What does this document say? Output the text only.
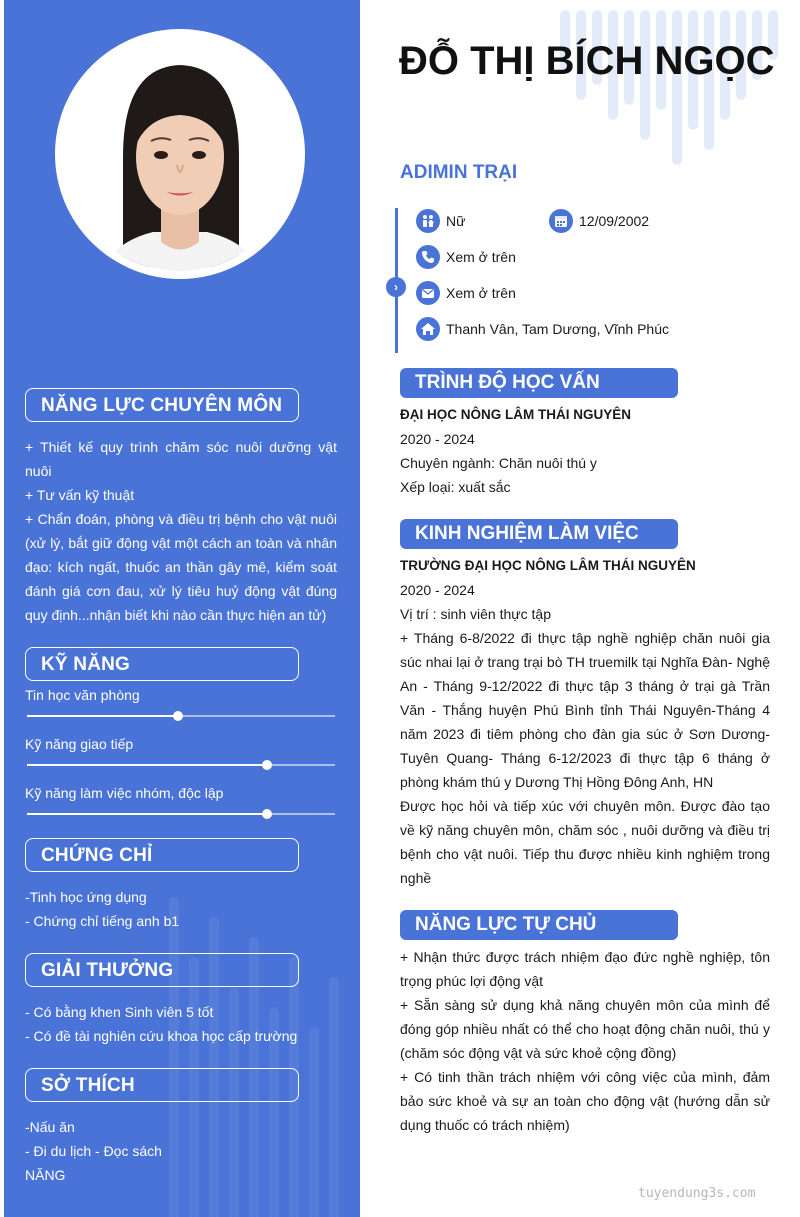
NĂNG LỰC CHUYÊN MÔN

+ Thiết kế quy trình chăm sóc nuôi dưỡng vật nuôi

+ Tư vấn kỹ thuật

+ Chẩn đoán, phòng và điều trị bệnh cho vật nuôi (xử lý, bắt giữ động vật một cách an toàn và nhân đạo: kích ngất, thuốc an thần gây mê, kiểm soát đánh giá cơn đau, xử lý tiêu huỷ động vật đúng quy định...nhận biết khi nào cần thực hiện an tử)

KỸ NĂNG
Tin học văn phòng
Kỹ năng giao tiếp
Kỹ năng làm việc nhóm, độc lập
CHỨNG CHỈ

-Tinh học ứng dụng

- Chứng chỉ tiếng anh b1

GIẢI THƯỞNG

- Có bằng khen Sinh viên 5 tốt

- Có đề tài nghiên cứu khoa học cấp trường

SỞ THÍCH

-Nấu ăn

- Đi du lịch - Đọc sách

NĂNG

ĐỖ THỊ BÍCH NGỌC
ADIMIN TRẠI
›
Nữ	12/09/2002
Xem ở trên
Xem ở trên
Thanh Vân, Tam Dương, Vĩnh Phúc
TRÌNH ĐỘ HỌC VẤN

ĐẠI HỌC NÔNG LÂM THÁI NGUYÊN

2020 - 2024

Chuyên ngành: Chăn nuôi thú y

Xếp loại: xuất sắc

KINH NGHIỆM LÀM VIỆC

TRƯỜNG ĐẠI HỌC NÔNG LÂM THÁI NGUYÊN

2020 - 2024

Vị trí : sinh viên thực tập

+ Tháng 6-8/2022 đi thực tập nghề nghiệp chăn nuôi gia súc nhai lại ở trang trại bò TH truemilk tại Nghĩa Đàn- Nghệ An - Tháng 9-12/2022 đi thực tập 3 tháng ở trại gà Trần Văn - Thắng huyện Phú Bình tỉnh Thái Nguyên-Tháng 4 năm 2023 đi tiêm phòng cho đàn gia súc ở Sơn Dương- Tuyên Quang- Tháng 6-12/2023 đi thực tập 6 tháng ở phòng khám thú y Dương Thị Hồng Đông Anh, HN

Được học hỏi và tiếp xúc với chuyên môn. Được đào tạo về kỹ năng chuyên môn, chăm sóc , nuôi dưỡng và điều trị bệnh cho vật nuôi. Tiếp thu được nhiều kinh nghiệm trong nghề

NĂNG LỰC TỰ CHỦ

+ Nhận thức được trách nhiệm đạo đức nghề nghiệp, tôn trọng phúc lợi động vật

+ Sẵn sàng sử dụng khả năng chuyên môn của mình để đóng góp nhiều nhất có thể cho hoạt động chăn nuôi, thú y (chăm sóc động vật và sức khoẻ cộng đồng)

+ Có tinh thần trách nhiệm với công việc của mình, đảm bảo sức khoẻ và sự an toàn cho động vật (hướng dẫn sử dụng thuốc có trách nhiệm)

tuyendung3s.com
